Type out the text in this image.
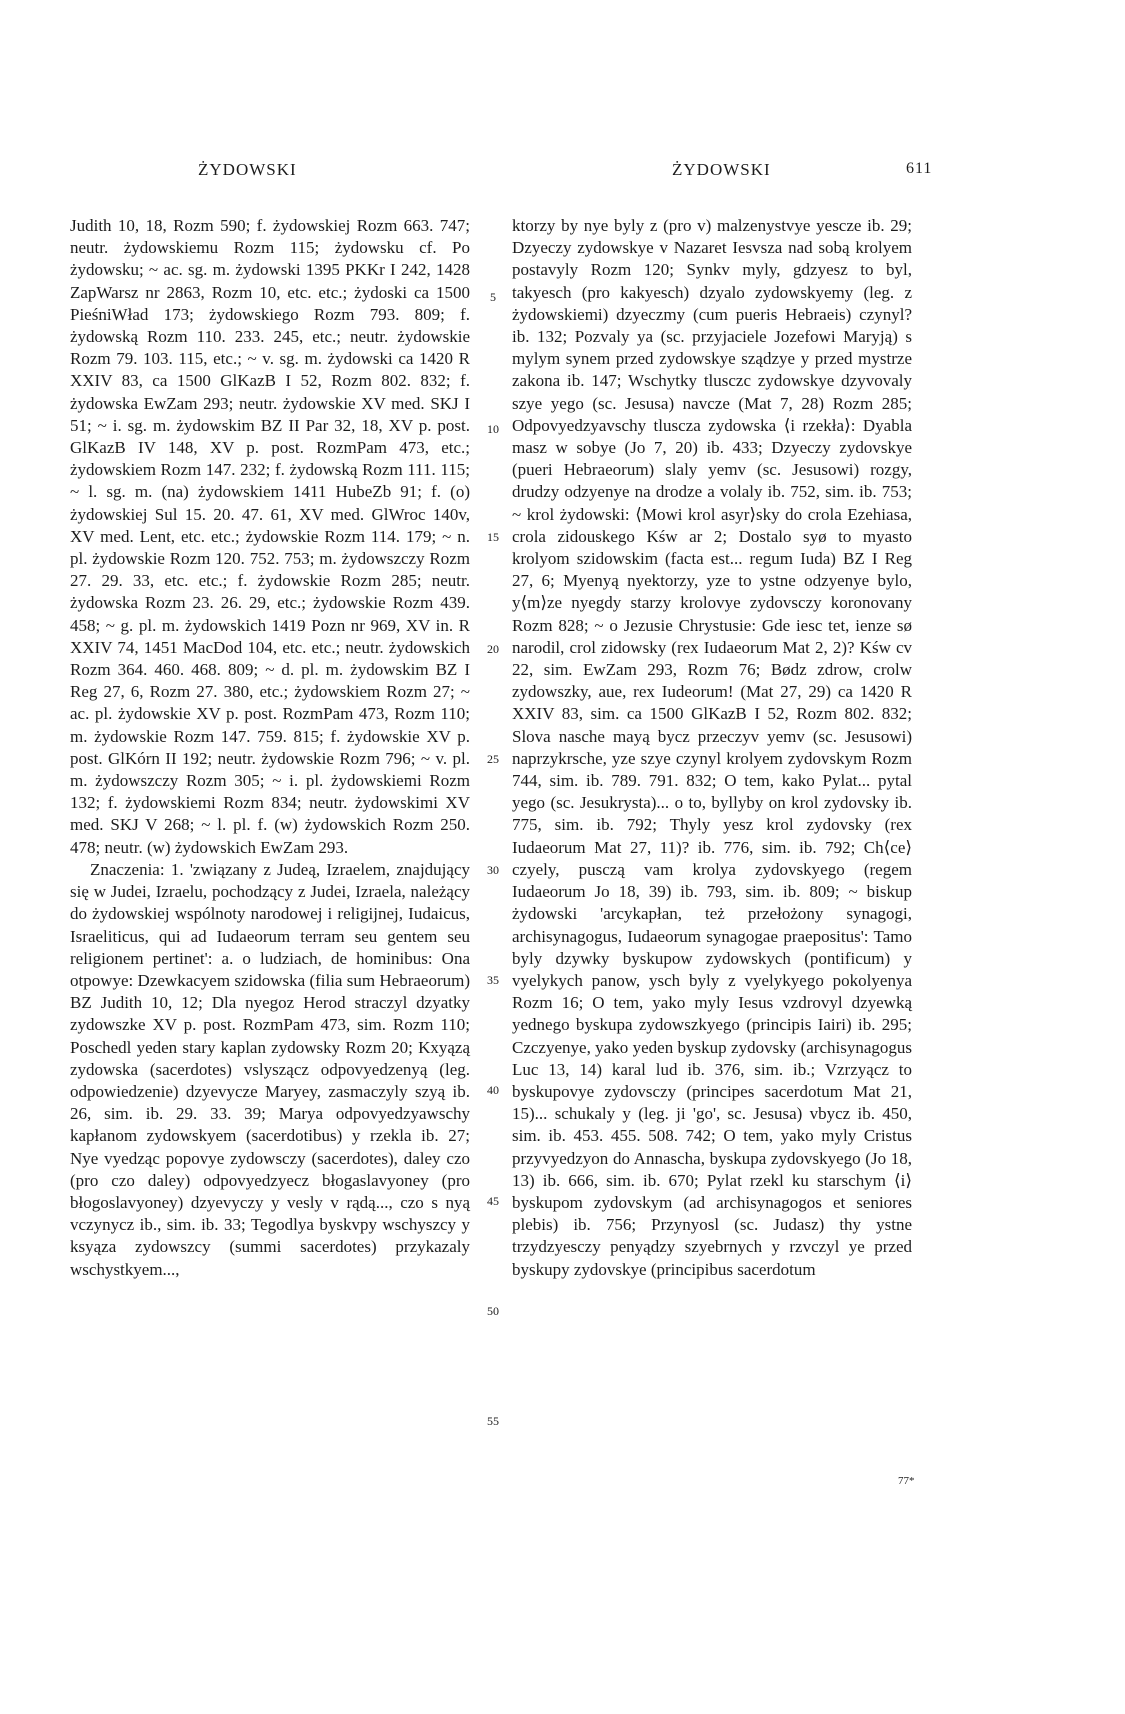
ŻYDOWSKI	ŻYDOWSKI	611

Judith 10, 18, Rozm 590; f. żydowskiej Rozm 663. 747; neutr. żydowskiemu Rozm 115; żydowsku cf. Po żydowsku; ~ ac. sg. m. żydowski 1395 PKKr I 242, 1428 ZapWarsz nr 2863, Rozm 10, etc. etc.; żydoski ca 1500 PieśniWład 173; żydowskiego Rozm 793. 809; f. żydowską Rozm 110. 233. 245, etc.; neutr. żydowskie Rozm 79. 103. 115, etc.; ~ v. sg. m. żydowski ca 1420 R XXIV 83, ca 1500 GlKazB I 52, Rozm 802. 832; f. żydowska EwZam 293; neutr. żydowskie XV med. SKJ I 51; ~ i. sg. m. żydowskim BZ II Par 32, 18, XV p. post. GlKazB IV 148, XV p. post. RozmPam 473, etc.; żydowskiem Rozm 147. 232; f. żydowską Rozm 111. 115; ~ l. sg. m. (na) żydowskiem 1411 HubeZb 91; f. (o) żydowskiej Sul 15. 20. 47. 61, XV med. GlWroc 140v, XV med. Lent, etc. etc.; żydowskie Rozm 114. 179; ~ n. pl. żydowskie Rozm 120. 752. 753; m. żydowszczy Rozm 27. 29. 33, etc. etc.; f. żydowskie Rozm 285; neutr. żydowska Rozm 23. 26. 29, etc.; żydowskie Rozm 439. 458; ~ g. pl. m. żydowskich 1419 Pozn nr 969, XV in. R XXIV 74, 1451 MacDod 104, etc. etc.; neutr. żydowskich Rozm 364. 460. 468. 809; ~ d. pl. m. żydowskim BZ I Reg 27, 6, Rozm 27. 380, etc.; żydowskiem Rozm 27; ~ ac. pl. żydowskie XV p. post. RozmPam 473, Rozm 110; m. żydowskie Rozm 147. 759. 815; f. żydowskie XV p. post. GlKórn II 192; neutr. żydowskie Rozm 796; ~ v. pl. m. żydowszczy Rozm 305; ~ i. pl. żydowskiemi Rozm 132; f. żydowskiemi Rozm 834; neutr. żydowskimi XV med. SKJ V 268; ~ l. pl. f. (w) żydowskich Rozm 250. 478; neutr. (w) żydowskich EwZam 293.

Znaczenia: 1. 'związany z Judeą, Izraelem, znajdujący się w Judei, Izraelu, pochodzący z Judei, Izraela, należący do żydowskiej wspólnoty narodowej i religijnej, Iudaicus, Israeliticus, qui ad Iudaeorum terram seu gentem seu religionem pertinet': a. o ludziach, de hominibus: Ona otpowye: Dzewkacyem szidowska (filia sum Hebraeorum) BZ Judith 10, 12; Dla nyegoz Herod straczyl dzyatky zydowszke XV p. post. RozmPam 473, sim. Rozm 110; Poschedl yeden stary kaplan zydowsky Rozm 20; Kxyązą zydowska (sacerdotes) vslyszącz odpovyedzenyą (leg. odpowiedzenie) dzyevycze Maryey, zasmaczyly szyą ib. 26, sim. ib. 29. 33. 39; Marya odpovyedzyawschy kapłanom zydowskyem (sacerdotibus) y rzekla ib. 27; Nye vyedząc popovye zydowsczy (sacerdotes), daley czo (pro czo daley) odpovyedzyecz błogaslavyoney (pro błogoslavyoney) dzyevyczy y vesly v rądą..., czo s nyą vczynycz ib., sim. ib. 33; Tegodlya byskvpy wschyszcy y ksyąza zydowszcy (summi sacerdotes) przykazaly wschystkyem...,

5
10
15
20
25
30
35
40
45
50
55

ktorzy by nye byly z (pro v) malzenystvye yescze ib. 29; Dzyeczy zydowskye v Nazaret Iesvsza nad sobą krolyem postavyly Rozm 120; Synkv myly, gdzyesz to byl, takyesch (pro kakyesch) dzyalo zydowskyemy (leg. z żydowskiemi) dzyeczmy (cum pueris Hebraeis) czynyl? ib. 132; Pozvaly ya (sc. przyjaciele Jozefowi Maryją) s mylym synem przed zydowskye sządzye y przed mystrze zakona ib. 147; Wschytky tlusczc zydowskye dzyvovaly szye yego (sc. Jesusa) navcze (Mat 7, 28) Rozm 285; Odpovyedzyavschy tluscza zydowska ⟨i rzekła⟩: Dyabla masz w sobye (Jo 7, 20) ib. 433; Dzyeczy zydovskye (pueri Hebraeorum) slaly yemv (sc. Jesusowi) rozgy, drudzy odzyenye na drodze a volaly ib. 752, sim. ib. 753; ~ krol żydowski: ⟨Mowi krol asyr⟩sky do crola Ezehiasa, crola zidouskego Kśw ar 2; Dostalo syø to myasto krolyom szidowskim (facta est... regum Iuda) BZ I Reg 27, 6; Myenyą nyektorzy, yze to ystne odzyenye bylo, y⟨m⟩ze nyegdy starzy krolovye zydovsczy koronovany Rozm 828; ~ o Jezusie Chrystusie: Gde iesc tet, ienze sø narodil, crol zidowsky (rex Iudaeorum Mat 2, 2)? Kśw cv 22, sim. EwZam 293, Rozm 76; Bødz zdrow, crolw zydowszky, aue, rex Iudeorum! (Mat 27, 29) ca 1420 R XXIV 83, sim. ca 1500 GlKazB I 52, Rozm 802. 832; Slova nasche mayą bycz przeczyv yemv (sc. Jesusowi) naprzykrsche, yze szye czynyl krolyem zydovskym Rozm 744, sim. ib. 789. 791. 832; O tem, kako Pylat... pytal yego (sc. Jesukrysta)... o to, byllyby on krol zydovsky ib. 775, sim. ib. 792; Thyly yesz krol zydovsky (rex Iudaeorum Mat 27, 11)? ib. 776, sim. ib. 792; Ch⟨ce⟩czyely, pusczą vam krolya zydovskyego (regem Iudaeorum Jo 18, 39) ib. 793, sim. ib. 809; ~ biskup żydowski 'arcykapłan, też przełożony synagogi, archisynagogus, Iudaeorum synagogae praepositus': Tamo byly dzywky byskupow zydowskych (pontificum) y vyelykych panow, ysch byly z vyelykyego pokolyenya Rozm 16; O tem, yako myly Iesus vzdrovyl dzyewką yednego byskupa zydowszkyego (principis Iairi) ib. 295; Czczyenye, yako yeden byskup zydovsky (archisynagogus Luc 13, 14) karal lud ib. 376, sim. ib.; Vzrzyącz to byskupovye zydovsczy (principes sacerdotum Mat 21, 15)... schukaly y (leg. ji 'go', sc. Jesusa) vbycz ib. 450, sim. ib. 453. 455. 508. 742; O tem, yako myly Cristus przyvyedzyon do Annascha, byskupa zydovskyego (Jo 18, 13) ib. 666, sim. ib. 670; Pylat rzekl ku starschym ⟨i⟩ byskupom zydovskym (ad archisynagogos et seniores plebis) ib. 756; Przynyosl (sc. Judasz) thy ystne trzydzyesczy penyądzy szyebrnych y rzvczyl ye przed byskupy zydovskye (principibus sacerdotum

77*
